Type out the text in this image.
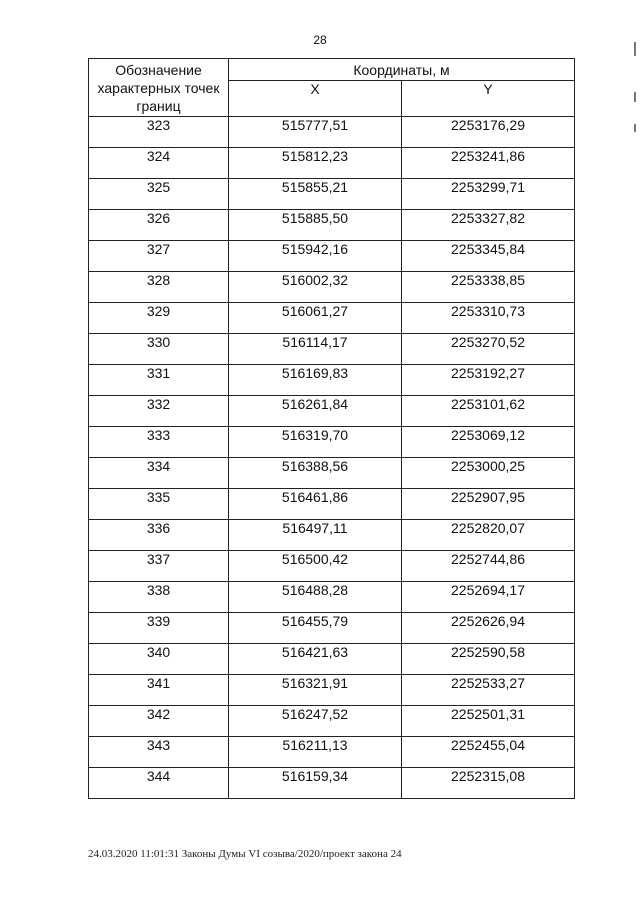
28
Обозначение характерных точек границ	Координаты, м	
	X	Y
323	515777,51	2253176,29
324	515812,23	2253241,86
325	515855,21	2253299,71
326	515885,50	2253327,82
327	515942,16	2253345,84
328	516002,32	2253338,85
329	516061,27	2253310,73
330	516114,17	2253270,52
331	516169,83	2253192,27
332	516261,84	2253101,62
333	516319,70	2253069,12
334	516388,56	2253000,25
335	516461,86	2252907,95
336	516497,11	2252820,07
337	516500,42	2252744,86
338	516488,28	2252694,17
339	516455,79	2252626,94
340	516421,63	2252590,58
341	516321,91	2252533,27
342	516247,52	2252501,31
343	516211,13	2252455,04
344	516159,34	2252315,08
24.03.2020 11:01:31 Законы Думы VI созыва/2020/проект закона 24
